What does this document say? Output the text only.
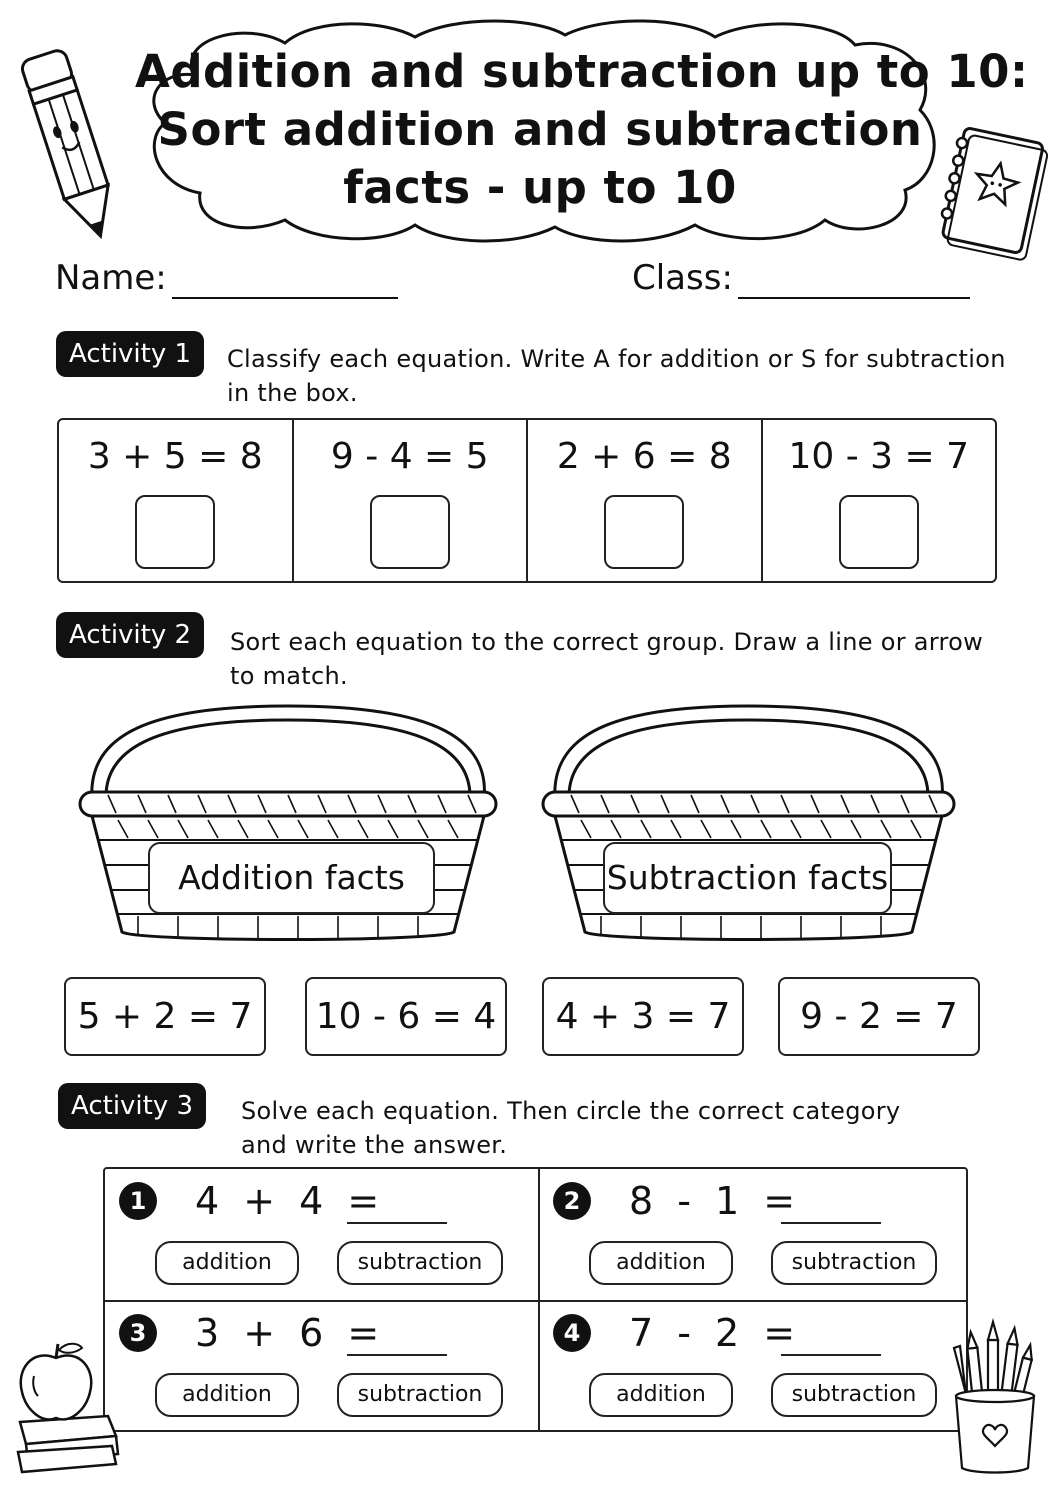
Addition and subtraction up to 10:
Sort addition and subtraction
facts - up to 10
Name:	Class:
Activity 1	Classify each equation. Write A for addition or S for subtraction
in the box.
3 + 5 = 8	9 - 4 = 5	2 + 6 = 8	10 - 3 = 7
Activity 2	Sort each equation to the correct group. Draw a line or arrow
to match.
Addition facts	Subtraction facts
5 + 2 = 7	10 - 6 = 4	4 + 3 = 7	9 - 2 = 7
Activity 3	Solve each equation. Then circle the correct category
and write the answer.
1 4 + 4 =
addition	subtraction
2 8 - 1 =
addition	subtraction
3 3 + 6 =
addition	subtraction
4 7 - 2 =
addition	subtraction
